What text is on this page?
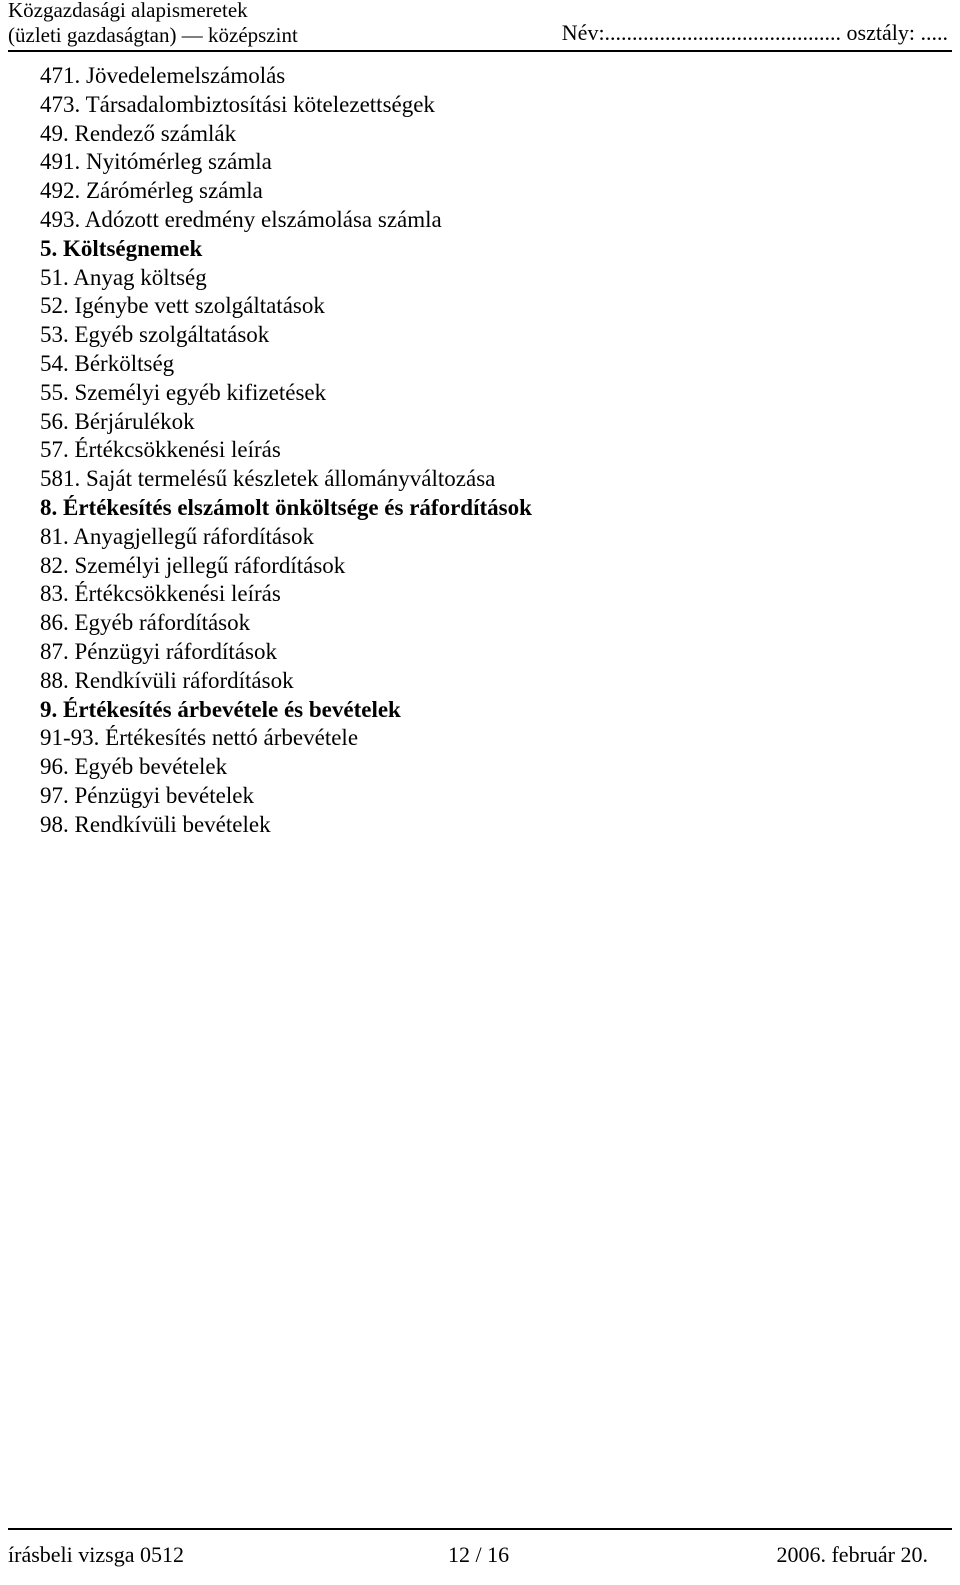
Közgazdasági alapismeretek
(üzleti gazdaságtan) — középszint	Név:........................................... osztály: .....
471. Jövedelemelszámolás
473. Társadalombiztosítási kötelezettségek
49. Rendező számlák
491. Nyitómérleg számla
492. Zárómérleg számla
493. Adózott eredmény elszámolása számla
5. Költségnemek
51. Anyag költség
52. Igénybe vett szolgáltatások
53. Egyéb szolgáltatások
54. Bérköltség
55. Személyi egyéb kifizetések
56. Bérjárulékok
57. Értékcsökkenési leírás
581. Saját termelésű készletek állományváltozása
8. Értékesítés elszámolt önköltsége és ráfordítások
81. Anyagjellegű ráfordítások
82. Személyi jellegű ráfordítások
83. Értékcsökkenési leírás
86. Egyéb ráfordítások
87. Pénzügyi ráfordítások
88. Rendkívüli ráfordítások
9. Értékesítés árbevétele és bevételek
91-93. Értékesítés nettó árbevétele
96. Egyéb bevételek
97. Pénzügyi bevételek
98. Rendkívüli bevételek
írásbeli vizsga 0512	12 / 16	2006. február 20.
